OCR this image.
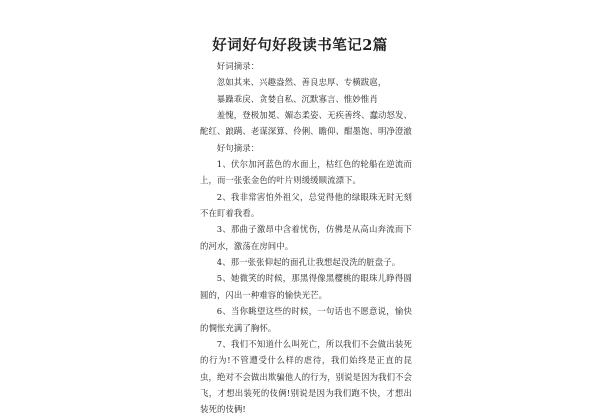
好词好句好段读书笔记2篇

好词摘录：

忽如其来、兴趣盎然、善良忠厚、专横跋扈，

暴躁乖戾、贪婪自私、沉默寡言、惟妙惟肖

羞愧，登极加冕、媚态柔姿、无疾善终、蠢动怒发、酡红、踉蹒、老谋深算、伶俐、瞻仰、酣墨饱、明净澄澈

好句摘录：

1、伏尔加河蓝色的水面上，枯红色的轮船在逆流而上，而一张张金色的叶片则缓缓顺流漂下。

2、我非常害怕外祖父，总觉得他的绿眼珠无时无刻不在盯着我看。

3、那曲子激昂中含着忧伤，仿佛是从高山奔流而下的河水，激荡在房间中。

4、那一张张仰起的面孔让我想起没洗的脏盘子。

5、她微笑的时候，那黑得像黑樱桃的眼珠儿睁得圆圆的，闪出一种难容的愉快光芒。

6、当你眺望这些的时候，一句话也不愿意说，愉快的惆怅充满了胸怀。

7、我们不知道什么叫死亡，所以我们不会做出装死的行为!不管遭受什么样的虐待，我们始终是正直的昆虫，绝对不会做出欺骗他人的行为，别说是因为我们不会飞，才想出装死的伎俩!别说是因为我们跑不快，才想出装死的伎俩!
